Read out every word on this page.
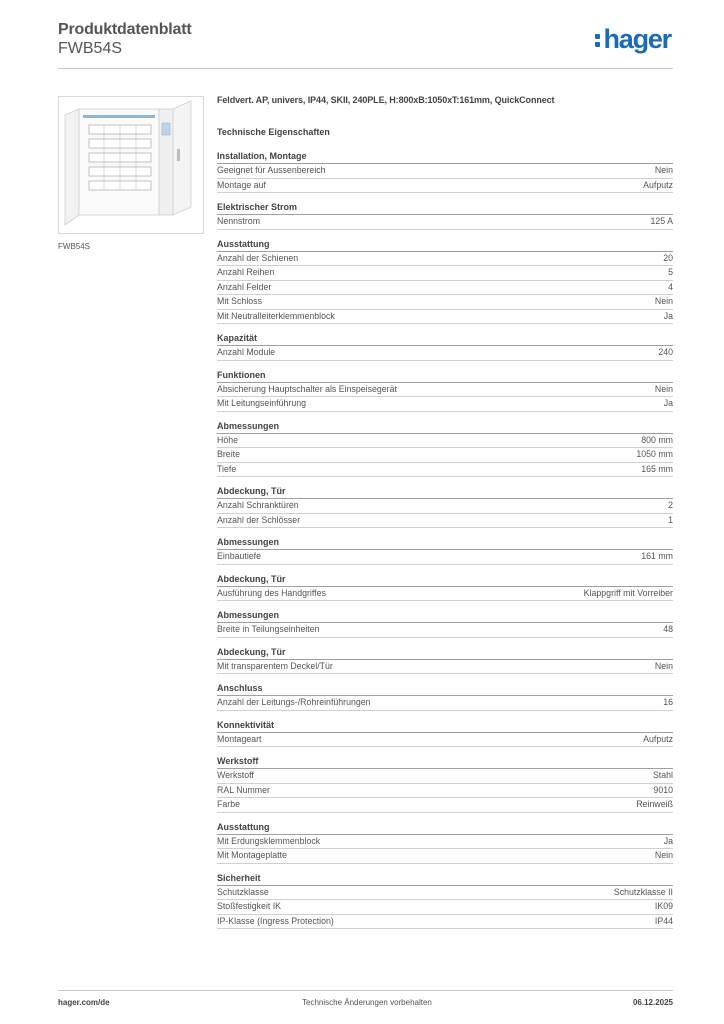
Produktdatenblatt
FWB54S	hager
FWB54S
Feldvert. AP, univers, IP44, SKII, 240PLE, H:800xB:1050xT:161mm, QuickConnect
Technische Eigenschaften
Installation, Montage
Geeignet für Aussenbereich	Nein
Montage auf	Aufputz
Elektrischer Strom
Nennstrom	125 A
Ausstattung
Anzahl der Schienen	20
Anzahl Reihen	5
Anzahl Felder	4
Mit Schloss	Nein
Mit Neutralleiterklemmenblock	Ja
Kapazität
Anzahl Module	240
Funktionen
Absicherung Hauptschalter als Einspeisegerät	Nein
Mit Leitungseinführung	Ja
Abmessungen
Höhe	800 mm
Breite	1050 mm
Tiefe	165 mm
Abdeckung, Tür
Anzahl Schranktüren	2
Anzahl der Schlösser	1
Abmessungen
Einbautiefe	161 mm
Abdeckung, Tür
Ausführung des Handgriffes	Klappgriff mit Vorreiber
Abmessungen
Breite in Teilungseinheiten	48
Abdeckung, Tür
Mit transparentem Deckel/Tür	Nein
Anschluss
Anzahl der Leitungs-/Rohreinführungen	16
Konnektivität
Montageart	Aufputz
Werkstoff
Werkstoff	Stahl
RAL Nummer	9010
Farbe	Reinweiß
Ausstattung
Mit Erdungsklemmenblock	Ja
Mit Montageplatte	Nein
Sicherheit
Schutzklasse	Schutzklasse II
Stoßfestigkeit IK	IK09
IP-Klasse (Ingress Protection)	IP44
hager.com/de	Technische Änderungen vorbehalten	06.12.2025
